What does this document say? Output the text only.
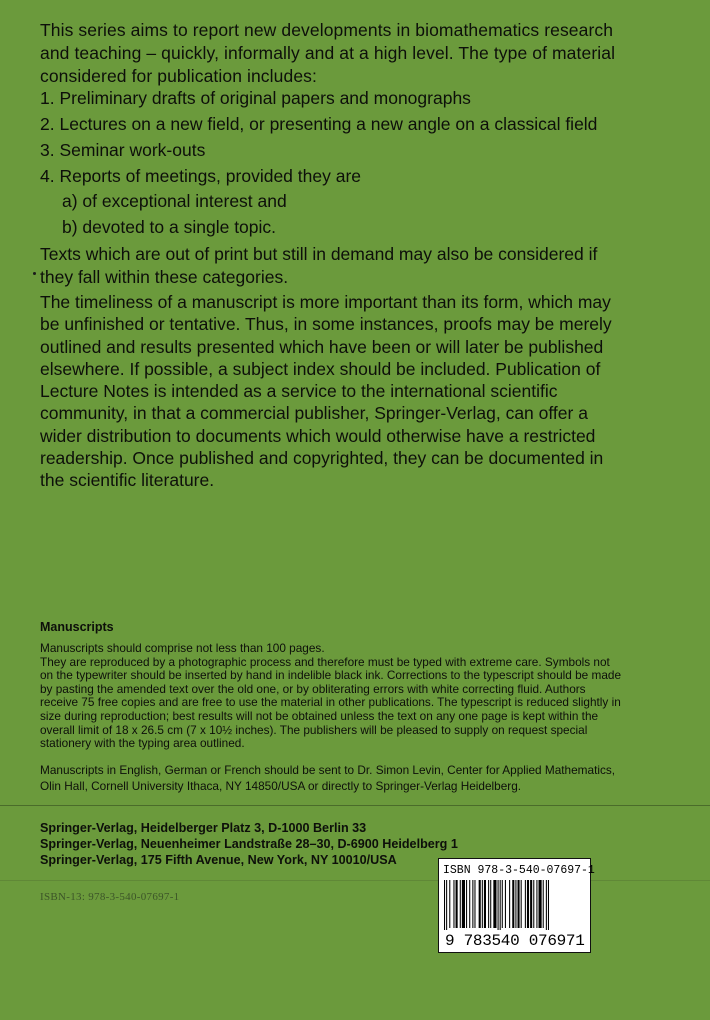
This series aims to report new developments in biomathematics research and teaching – quickly, informally and at a high level. The type of material considered for publication includes:

1. Preliminary drafts of original papers and monographs
2. Lectures on a new field, or presenting a new angle on a classical field
3. Seminar work-outs
4. Reports of meetings, provided they are
a) of exceptional interest and
b) devoted to a single topic.

Texts which are out of print but still in demand may also be considered if they fall within these categories.

The timeliness of a manuscript is more important than its form, which may be unfinished or tentative. Thus, in some instances, proofs may be merely outlined and results presented which have been or will later be published elsewhere. If possible, a subject index should be included. Publication of Lecture Notes is intended as a service to the international scientific community, in that a commercial publisher, Springer-Verlag, can offer a wider distribution to documents which would otherwise have a restricted readership. Once published and copyrighted, they can be documented in the scientific literature.

Manuscripts

Manuscripts should comprise not less than 100 pages.

They are reproduced by a photographic process and therefore must be typed with extreme care. Symbols not on the typewriter should be inserted by hand in indelible black ink. Corrections to the typescript should be made by pasting the amended text over the old one, or by obliterating errors with white correcting fluid. Authors receive 75 free copies and are free to use the material in other publications. The typescript is reduced slightly in size during reproduction; best results will not be obtained unless the text on any one page is kept within the overall limit of 18 x 26.5 cm (7 x 10½ inches). The publishers will be pleased to supply on request special stationery with the typing area outlined.

Manuscripts in English, German or French should be sent to Dr. Simon Levin, Center for Applied Mathematics, Olin Hall, Cornell University Ithaca, NY 14850/USA or directly to Springer-Verlag Heidelberg.

Springer-Verlag, Heidelberger Platz 3, D-1000 Berlin 33
Springer-Verlag, Neuenheimer Landstraße 28–30, D-6900 Heidelberg 1
Springer-Verlag, 175 Fifth Avenue, New York, NY 10010/USA
ISBN-13: 978-3-540-07697-1
ISBN 978-3-540-07697-1
9 783540 076971
